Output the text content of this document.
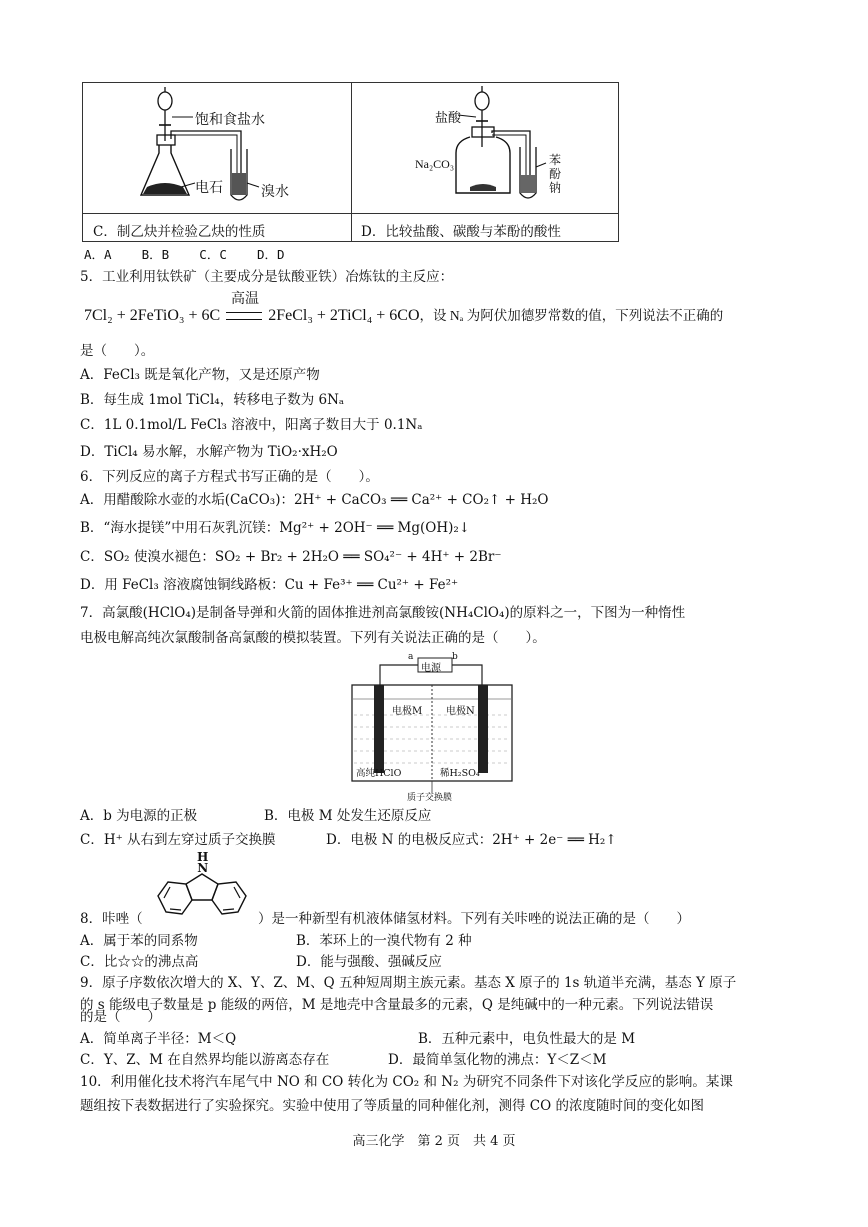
饱和食盐水
电石	溴水
盐酸
Na₂CO₃	苯酚钠
C．制乙炔并检验乙炔的性质	D．比较盐酸、碳酸与苯酚的酸性
A．A    B．B    C．C    D．D
5．工业利用钛铁矿（主要成分是钛酸亚铁）冶炼钛的主反应：
高温
7Cl₂ + 2FeTiO₃ + 6C	2FeCl₃ + 2TiCl₄ + 6CO，设 Nₐ 为阿伏加德罗常数的值，下列说法不正确的
是（　　）。
A．FeCl₃ 既是氧化产物，又是还原产物
B．每生成 1mol TiCl₄，转移电子数为 6Nₐ
C．1L 0.1mol/L FeCl₃ 溶液中，阳离子数目大于 0.1Nₐ
D．TiCl₄ 易水解，水解产物为 TiO₂·xH₂O
6．下列反应的离子方程式书写正确的是（　　）。
A．用醋酸除水壶的水垢(CaCO₃)：2H⁺ + CaCO₃ ══ Ca²⁺ + CO₂↑ + H₂O
B．“海水提镁”中用石灰乳沉镁：Mg²⁺ + 2OH⁻ ══ Mg(OH)₂↓
C．SO₂ 使溴水褪色：SO₂ + Br₂ + 2H₂O ══ SO₄²⁻ + 4H⁺ + 2Br⁻
D．用 FeCl₃ 溶液腐蚀铜线路板：Cu + Fe³⁺ ══ Cu²⁺ + Fe²⁺
7．高氯酸(HClO₄)是制备导弹和火箭的固体推进剂高氯酸铵(NH₄ClO₄)的原料之一，下图为一种惰性
电极电解高纯次氯酸制备高氯酸的模拟装置。下列有关说法正确的是（　　）。
电源
a	b
电极M 电极N
高纯HClO	稀H₂SO₄
质子交换膜
A．b 为电源的正极	B．电极 M 处发生还原反应
C．H⁺ 从右到左穿过质子交换膜	D．电极 N 的电极反应式：2H⁺ + 2e⁻ ══ H₂↑
H
N
8．咔唑（	）是一种新型有机液体储氢材料。下列有关咔唑的说法正确的是（　　）
A．属于苯的同系物	B．苯环上的一溴代物有 2 种
C．比☆☆的沸点高	D．能与强酸、强碱反应
9．原子序数依次增大的 X、Y、Z、M、Q 五种短周期主族元素。基态 X 原子的 1s 轨道半充满，基态 Y 原子
的 s 能级电子数量是 p 能级的两倍，M 是地壳中含量最多的元素，Q 是纯碱中的一种元素。下列说法错误
的是（　　）
A．简单离子半径：M＜Q	B．五种元素中，电负性最大的是 M
C．Y、Z、M 在自然界均能以游离态存在	D．最简单氢化物的沸点：Y＜Z＜M
10．利用催化技术将汽车尾气中 NO 和 CO 转化为 CO₂ 和 N₂ 为研究不同条件下对该化学反应的影响。某课
题组按下表数据进行了实验探究。实验中使用了等质量的同种催化剂，测得 CO 的浓度随时间的变化如图
高三化学　第 2 页　共 4 页
